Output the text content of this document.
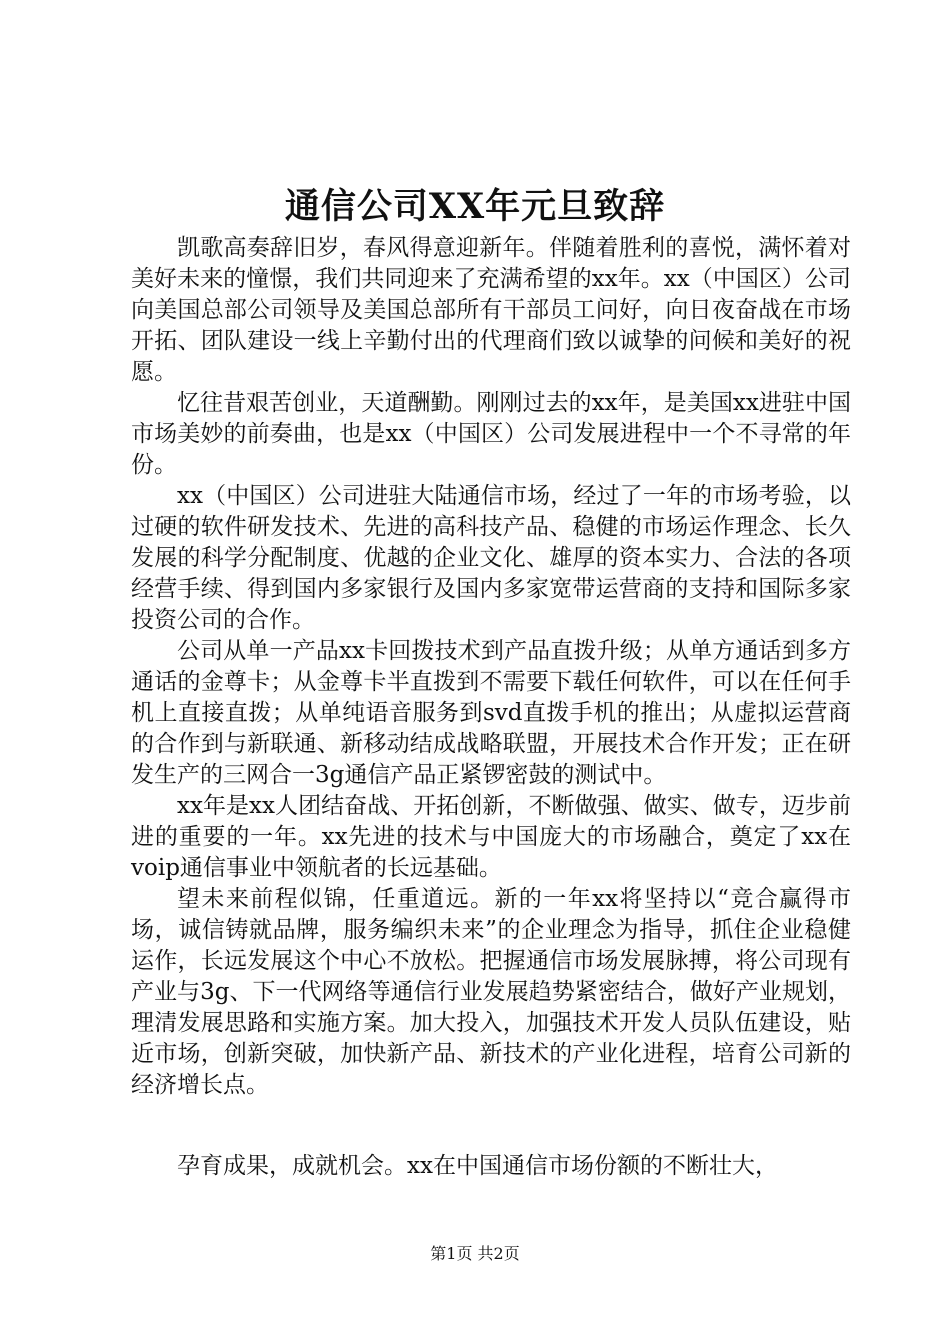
通信公司XX年元旦致辞

凯歌高奏辞旧岁，春风得意迎新年。伴随着胜利的喜悦，满怀着对美好未来的憧憬，我们共同迎来了充满希望的xx年。xx（中国区）公司向美国总部公司领导及美国总部所有干部员工问好，向日夜奋战在市场开拓、团队建设一线上辛勤付出的代理商们致以诚挚的问候和美好的祝愿。

忆往昔艰苦创业，天道酬勤。刚刚过去的xx年，是美国xx进驻中国市场美妙的前奏曲，也是xx（中国区）公司发展进程中一个不寻常的年份。

xx（中国区）公司进驻大陆通信市场，经过了一年的市场考验，以过硬的软件研发技术、先进的高科技产品、稳健的市场运作理念、长久发展的科学分配制度、优越的企业文化、雄厚的资本实力、合法的各项经营手续、得到国内多家银行及国内多家宽带运营商的支持和国际多家投资公司的合作。

公司从单一产品xx卡回拨技术到产品直拨升级；从单方通话到多方通话的金尊卡；从金尊卡半直拨到不需要下载任何软件，可以在任何手机上直接直拨；从单纯语音服务到svd直拨手机的推出；从虚拟运营商的合作到与新联通、新移动结成战略联盟，开展技术合作开发；正在研发生产的三网合一3g通信产品正紧锣密鼓的测试中。

xx年是xx人团结奋战、开拓创新，不断做强、做实、做专，迈步前进的重要的一年。xx先进的技术与中国庞大的市场融合，奠定了xx在voip通信事业中领航者的长远基础。

望未来前程似锦，任重道远。新的一年xx将坚持以“竞合赢得市场，诚信铸就品牌，服务编织未来”的企业理念为指导，抓住企业稳健运作，长远发展这个中心不放松。把握通信市场发展脉搏，将公司现有产业与3g、下一代网络等通信行业发展趋势紧密结合，做好产业规划，理清发展思路和实施方案。加大投入，加强技术开发人员队伍建设，贴近市场，创新突破，加快新产品、新技术的产业化进程，培育公司新的经济增长点。

孕育成果，成就机会。xx在中国通信市场份额的不断壮大，

第1页 共2页
